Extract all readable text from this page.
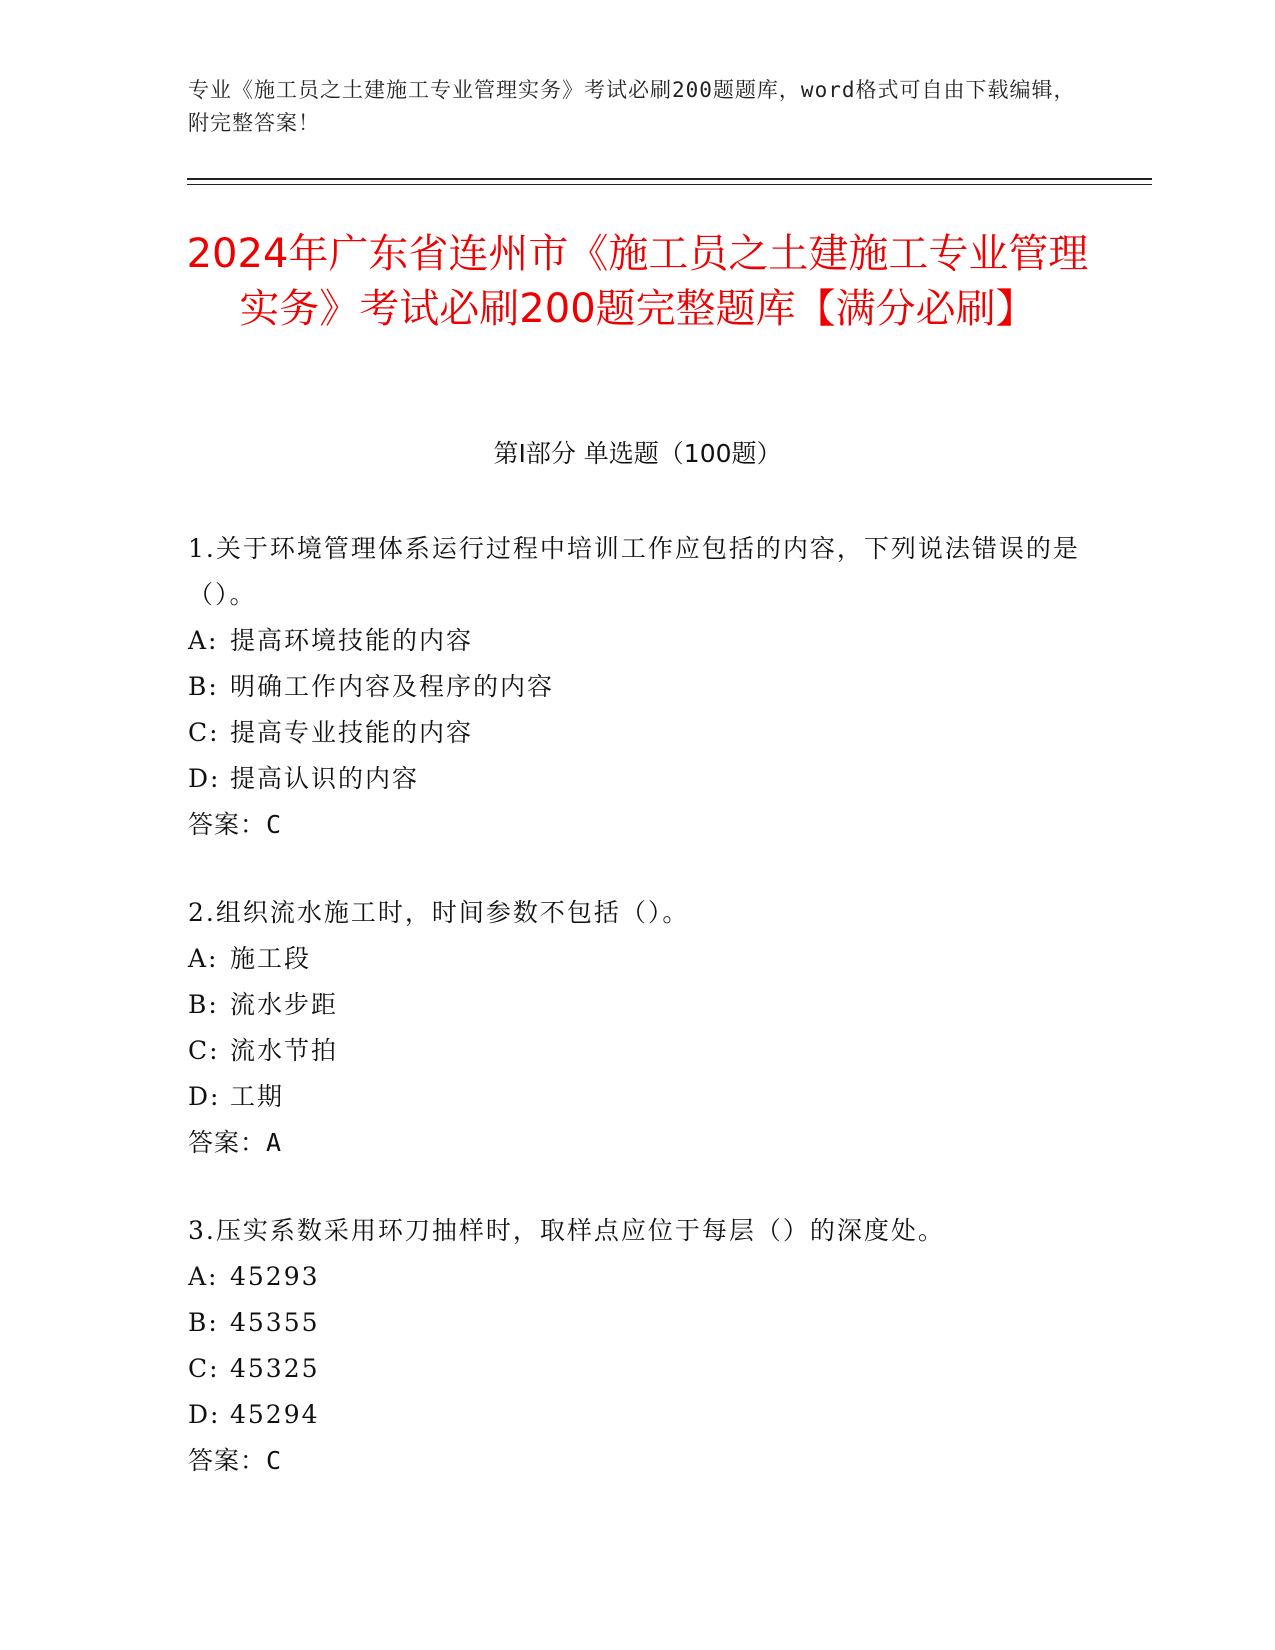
专业《施工员之土建施工专业管理实务》考试必刷200题题库，word格式可自由下载编辑，附完整答案！
2024年广东省连州市《施工员之土建施工专业管理实务》考试必刷200题完整题库【满分必刷】
第Ⅰ部分 单选题（100题）
1.关于环境管理体系运行过程中培训工作应包括的内容，下列说法错误的是（）。
A: 提高环境技能的内容
B: 明确工作内容及程序的内容
C: 提高专业技能的内容
D: 提高认识的内容
答案：C
2.组织流水施工时，时间参数不包括（）。
A: 施工段
B: 流水步距
C: 流水节拍
D: 工期
答案：A
3.压实系数采用环刀抽样时，取样点应位于每层（）的深度处。
A: 45293
B: 45355
C: 45325
D: 45294
答案：C
